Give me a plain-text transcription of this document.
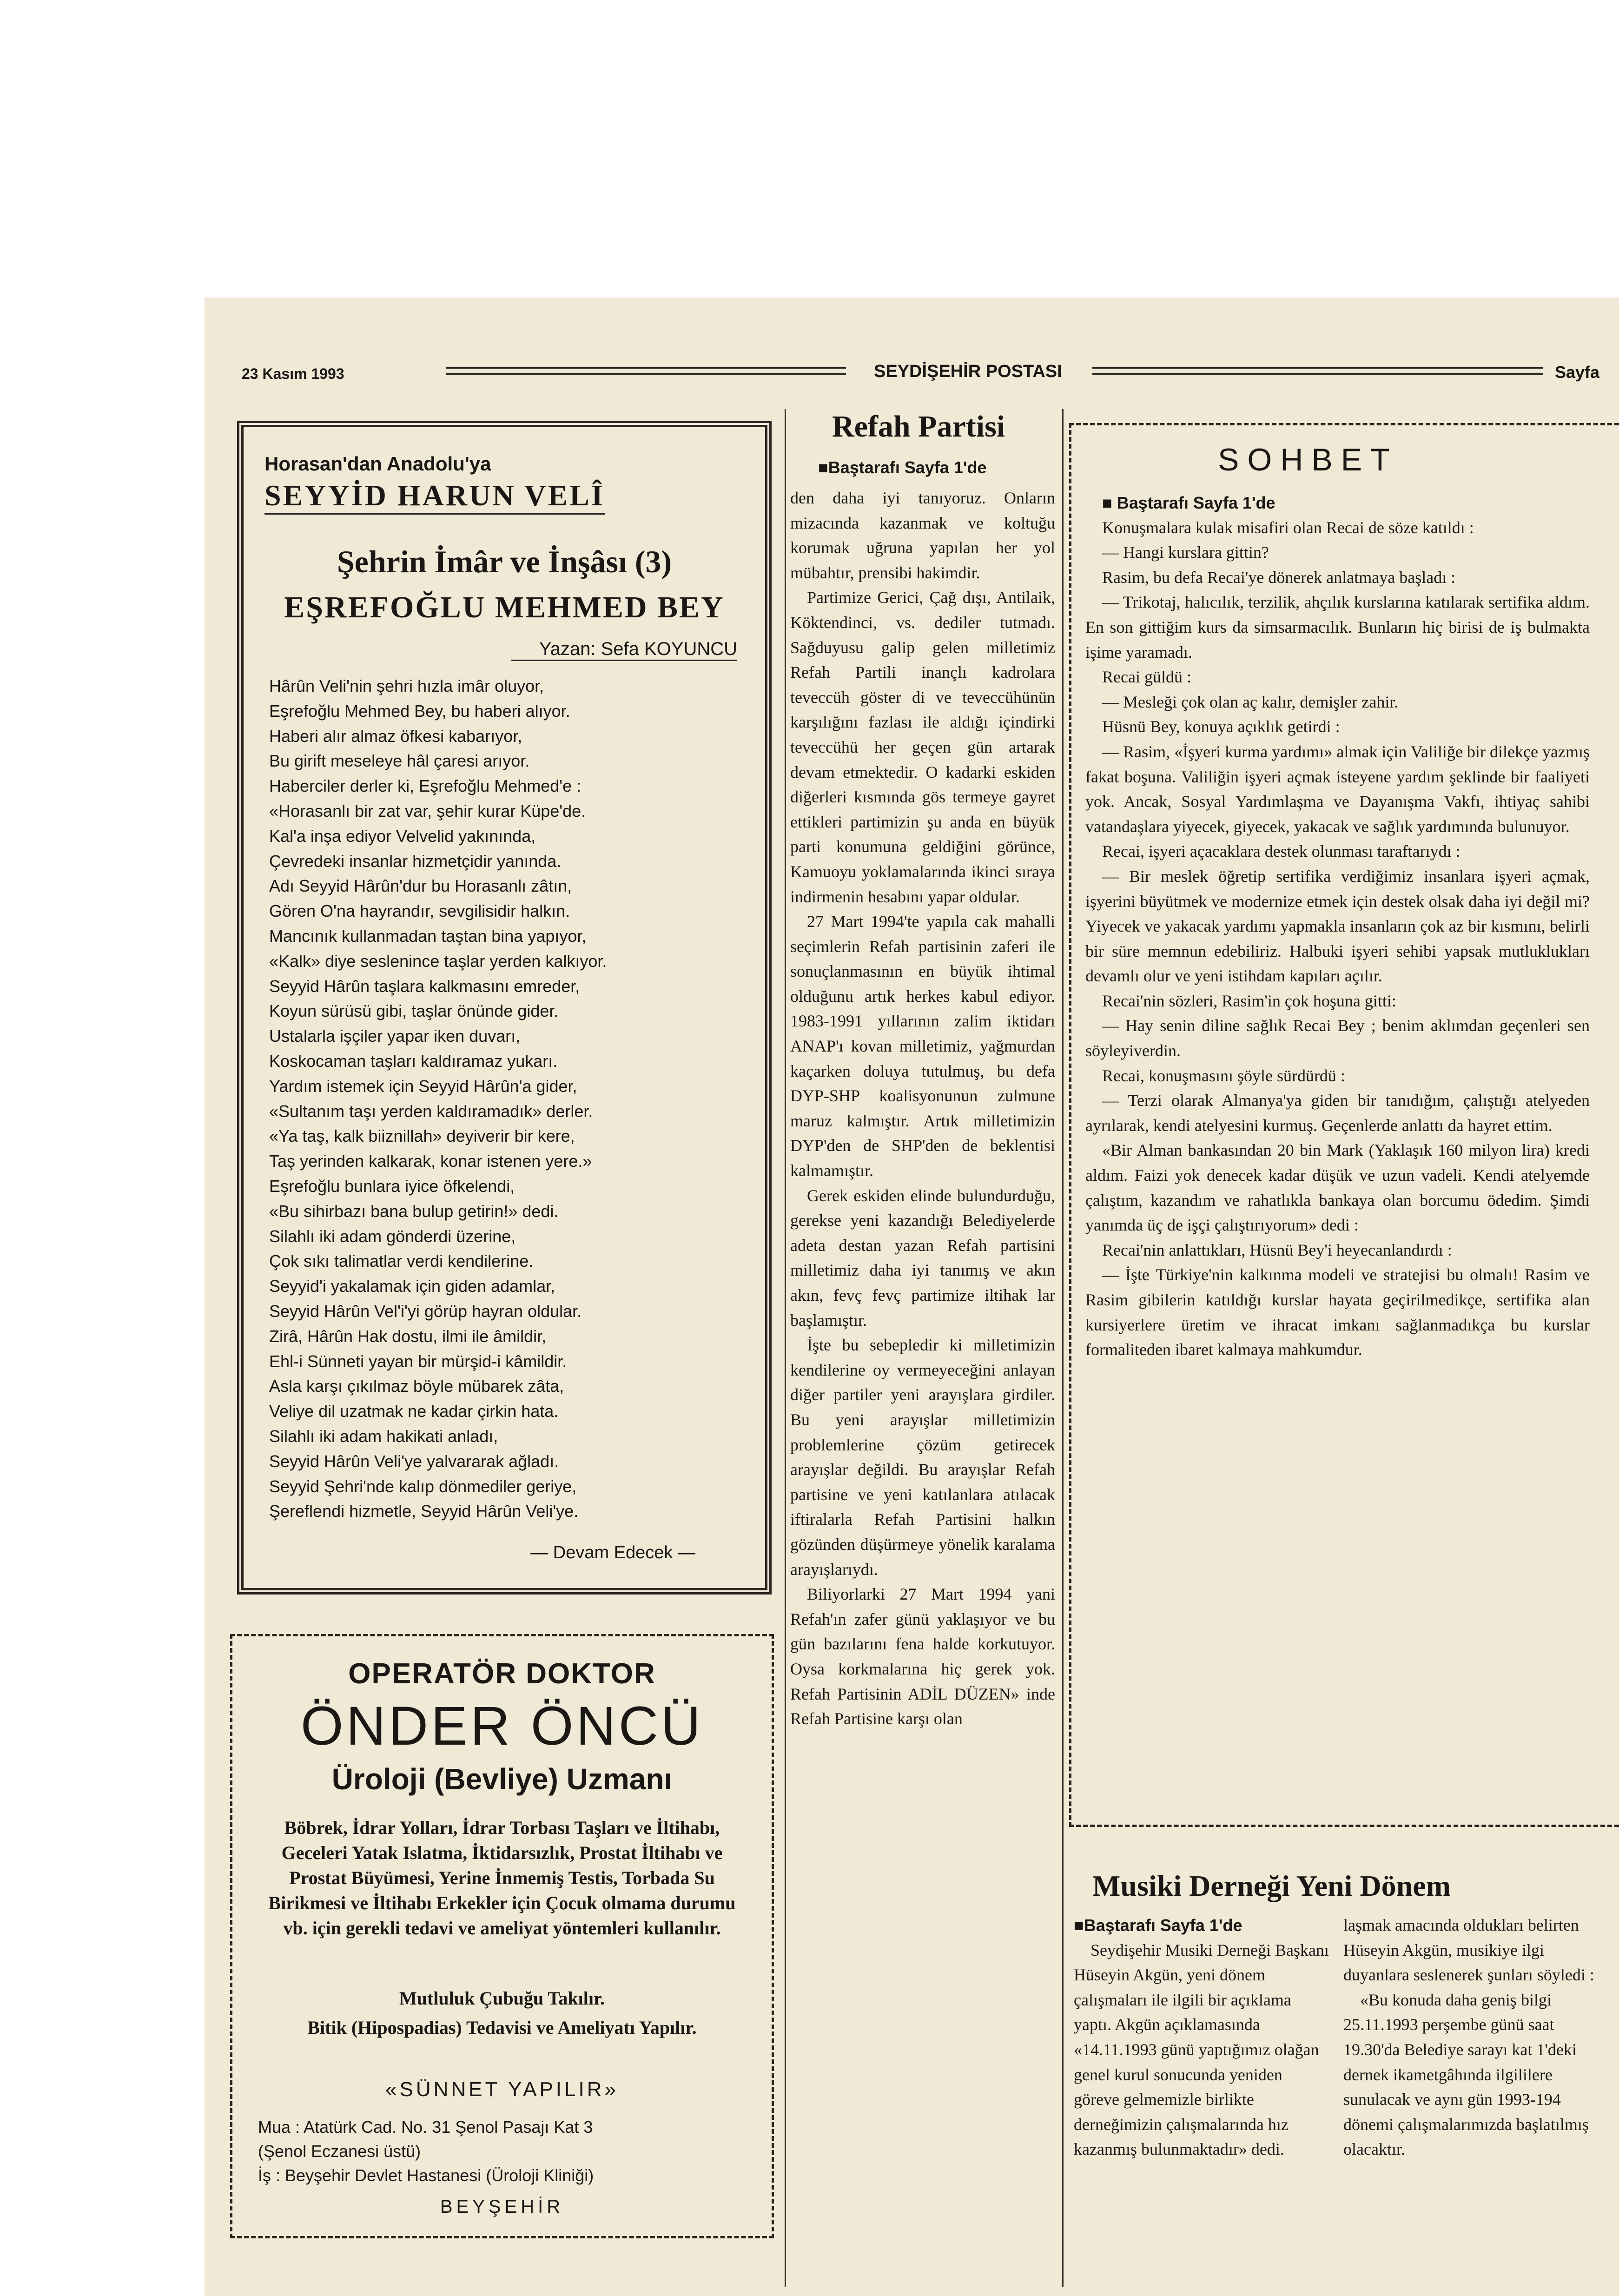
23 Kasım 1993	SEYDİŞEHİR POSTASI	Sayfa
Horasan'dan Anadolu'ya
SEYYİD HARUN VELÎ
Şehrin İmâr ve İnşâsı (3)
EŞREFOĞLU MEHMED BEY
Yazan: Sefa KOYUNCU
Hârûn Veli'nin şehri hızla imâr oluyor,
Eşrefoğlu Mehmed Bey, bu haberi alıyor.
Haberi alır almaz öfkesi kabarıyor,
Bu girift meseleye hâl çaresi arıyor.
Haberciler derler ki, Eşrefoğlu Mehmed'e :
«Horasanlı bir zat var, şehir kurar Küpe'de.
Kal'a inşa ediyor Velvelid yakınında,
Çevredeki insanlar hizmetçidir yanında.
Adı Seyyid Hârûn'dur bu Horasanlı zâtın,
Gören O'na hayrandır, sevgilisidir halkın.
Mancınık kullanmadan taştan bina yapıyor,
«Kalk» diye seslenince taşlar yerden kalkıyor.
Seyyid Hârûn taşlara kalkmasını emreder,
Koyun sürüsü gibi, taşlar önünde gider.
Ustalarla işçiler yapar iken duvarı,
Koskocaman taşları kaldıramaz yukarı.
Yardım istemek için Seyyid Hârûn'a gider,
«Sultanım taşı yerden kaldıramadık» derler.
«Ya taş, kalk biiznillah» deyiverir bir kere,
Taş yerinden kalkarak, konar istenen yere.»
Eşrefoğlu bunlara iyice öfkelendi,
«Bu sihirbazı bana bulup getirin!» dedi.
Silahlı iki adam gönderdi üzerine,
Çok sıkı talimatlar verdi kendilerine.
Seyyid'i yakalamak için giden adamlar,
Seyyid Hârûn Vel'i'yi görüp hayran oldular.
Zirâ, Hârûn Hak dostu, ilmi ile âmildir,
Ehl-i Sünneti yayan bir mürşid-i kâmildir.
Asla karşı çıkılmaz böyle mübarek zâta,
Veliye dil uzatmak ne kadar çirkin hata.
Silahlı iki adam hakikati anladı,
Seyyid Hârûn Veli'ye yalvararak ağladı.
Seyyid Şehri'nde kalıp dönmediler geriye,
Şereflendi hizmetle, Seyyid Hârûn Veli'ye.
— Devam Edecek —
OPERATÖR DOKTOR
ÖNDER ÖNCÜ
Üroloji (Bevliye) Uzmanı
Böbrek, İdrar Yolları, İdrar Torbası Taşları ve İltihabı, Geceleri Yatak Islatma, İktidarsızlık, Prostat İltihabı ve Prostat Büyümesi, Yerine İnmemiş Testis, Torbada Su Birikmesi ve İltihabı Erkekler için Çocuk olmama durumu vb. için gerekli tedavi ve ameliyat yöntemleri kullanılır.
Mutluluk Çubuğu Takılır.
Bitik (Hipospadias) Tedavisi ve Ameliyatı Yapılır.
«SÜNNET YAPILIR»
Mua : Atatürk Cad. No. 31 Şenol Pasajı Kat 3
(Şenol Eczanesi üstü)
İş : Beyşehir Devlet Hastanesi (Üroloji Kliniği)
BEYŞEHİR
Refah Partisi
■Baştarafı Sayfa 1'de

den daha iyi tanıyoruz. Onların mizacında kazanmak ve koltuğu korumak uğruna yapılan her yol mübahtır, prensibi hakimdir.

Partimize Gerici, Çağ dışı, Antilaik, Köktendinci, vs. dediler tutmadı. Sağduyusu galip gelen milletimiz Refah Partili inançlı kadrolara teveccüh göster di ve teveccühünün karşılığını fazlası ile aldığı içindirki teveccühü her geçen gün artarak devam etmektedir. O kadarki eskiden diğerleri kısmında gös termeye gayret ettikleri partimizin şu anda en büyük parti konumuna geldiğini görünce, Kamuoyu yoklamalarında ikinci sıraya indirmenin hesabını yapar oldular.

27 Mart 1994'te yapıla cak mahalli seçimlerin Refah partisinin zaferi ile sonuçlanmasının en büyük ihtimal olduğunu artık herkes kabul ediyor. 1983-1991 yıllarının zalim iktidarı ANAP'ı kovan milletimiz, yağmurdan kaçarken doluya tutulmuş, bu defa DYP-SHP koalisyonunun zulmune maruz kalmıştır. Artık milletimizin DYP'den de SHP'den de beklentisi kalmamıştır.

Gerek eskiden elinde bulundurduğu, gerekse yeni kazandığı Belediyelerde adeta destan yazan Refah partisini milletimiz daha iyi tanımış ve akın akın, fevç fevç partimize iltihak lar başlamıştır.

İşte bu sebepledir ki milletimizin kendilerine oy vermeyeceğini anlayan diğer partiler yeni arayışlara girdiler. Bu yeni arayışlar milletimizin problemlerine çözüm getirecek arayışlar değildi. Bu arayışlar Refah partisine ve yeni katılanlara atılacak iftiralarla Refah Partisini halkın gözünden düşürmeye yönelik karalama arayışlarıydı.

Biliyorlarki 27 Mart 1994 yani Refah'ın zafer günü yaklaşıyor ve bu gün bazılarını fena halde korkutuyor. Oysa korkmalarına hiç gerek yok. Refah Partisinin ADİL DÜZEN» inde Refah Partisine karşı olan

SOHBET

■ Baştarafı Sayfa 1'de

Konuşmalara kulak misafiri olan Recai de söze katıldı :

— Hangi kurslara gittin?

Rasim, bu defa Recai'ye dönerek anlatmaya başladı :

— Trikotaj, halıcılık, terzilik, ahçılık kurslarına katılarak sertifika aldım. En son gittiğim kurs da simsarmacılık. Bunların hiç birisi de iş bulmakta işime yaramadı.

Recai güldü :

— Mesleği çok olan aç kalır, demişler zahir.

Hüsnü Bey, konuya açıklık getirdi :

— Rasim, «İşyeri kurma yardımı» almak için Valiliğe bir dilekçe yazmış fakat boşuna. Valiliğin işyeri açmak isteyene yardım şeklinde bir faaliyeti yok. Ancak, Sosyal Yardımlaşma ve Dayanışma Vakfı, ihtiyaç sahibi vatandaşlara yiyecek, giyecek, yakacak ve sağlık yardımında bulunuyor.

Recai, işyeri açacaklara destek olunması taraftarıydı :

— Bir meslek öğretip sertifika verdiğimiz insanlara işyeri açmak, işyerini büyütmek ve modernize etmek için destek olsak daha iyi değil mi? Yiyecek ve yakacak yardımı yapmakla insanların çok az bir kısmını, belirli bir süre memnun edebiliriz. Halbuki işyeri sehibi yapsak mutluklukları devamlı olur ve yeni istihdam kapıları açılır.

Recai'nin sözleri, Rasim'in çok hoşuna gitti:

— Hay senin diline sağlık Recai Bey ; benim aklımdan geçenleri sen söyleyiverdin.

Recai, konuşmasını şöyle sürdürdü :

— Terzi olarak Almanya'ya giden bir tanıdığım, çalıştığı atelyeden ayrılarak, kendi atelyesini kurmuş. Geçenlerde anlattı da hayret ettim.

«Bir Alman bankasından 20 bin Mark (Yaklaşık 160 milyon lira) kredi aldım. Faizi yok denecek kadar düşük ve uzun vadeli. Kendi atelyemde çalıştım, kazandım ve rahatlıkla bankaya olan borcumu ödedim. Şimdi yanımda üç de işçi çalıştırıyorum» dedi :

Recai'nin anlattıkları, Hüsnü Bey'i heyecanlandırdı :

— İşte Türkiye'nin kalkınma modeli ve stratejisi bu olmalı! Rasim ve Rasim gibilerin katıldığı kurslar hayata geçirilmedikçe, sertifika alan kursiyerlere üretim ve ihracat imkanı sağlanmadıkça bu kurslar formaliteden ibaret kalmaya mahkumdur.

Musiki Derneği Yeni Dönem
■Baştarafı Sayfa 1'de
Seydişehir Musiki Derneği Başkanı Hüseyin Akgün, yeni dönem çalışmaları ile ilgili bir açıklama yaptı. Akgün açıklamasında «14.11.1993 günü yaptığımız olağan genel kurul sonucunda yeniden göreve gelmemizle birlikte derneğimizin çalışmalarında hız kazanmış bulunmaktadır» dedi.
laşmak amacında oldukları belirten Hüseyin Akgün, musikiye ilgi duyanlara seslenerek şunları söyledi :
«Bu konuda daha geniş bilgi 25.11.1993 perşembe günü saat 19.30'da Belediye sarayı kat 1'deki dernek ikametgâhında ilgililere sunulacak ve aynı gün 1993-194 dönemi çalışmalarımızda başlatılmış olacaktır.
